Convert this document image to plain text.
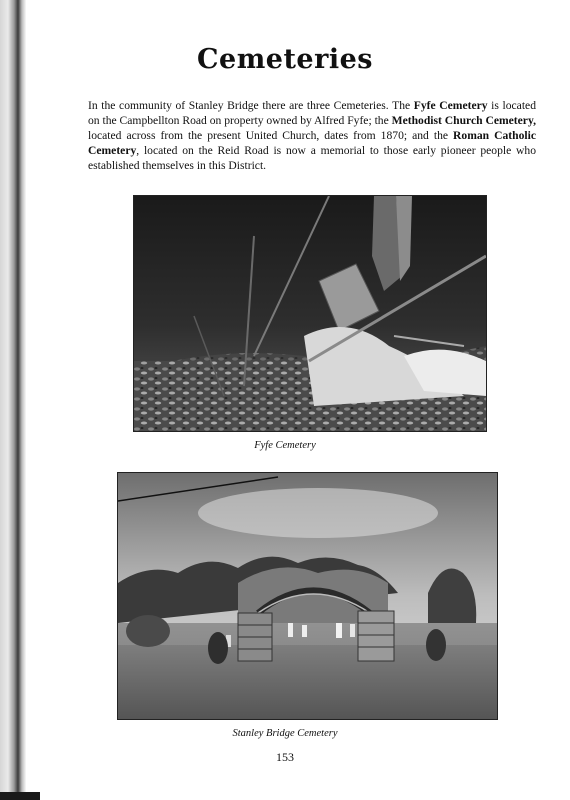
Cemeteries

In the community of Stanley Bridge there are three Cemeteries. The Fyfe Cemetery is located on the Campbellton Road on property owned by Alfred Fyfe; the Methodist Church Cemetery, located across from the present United Church, dates from 1870; and the Roman Catholic Cemetery, located on the Reid Road is now a memorial to those early pioneer people who established themselves in this District.

Fyfe Cemetery
Stanley Bridge Cemetery
153
